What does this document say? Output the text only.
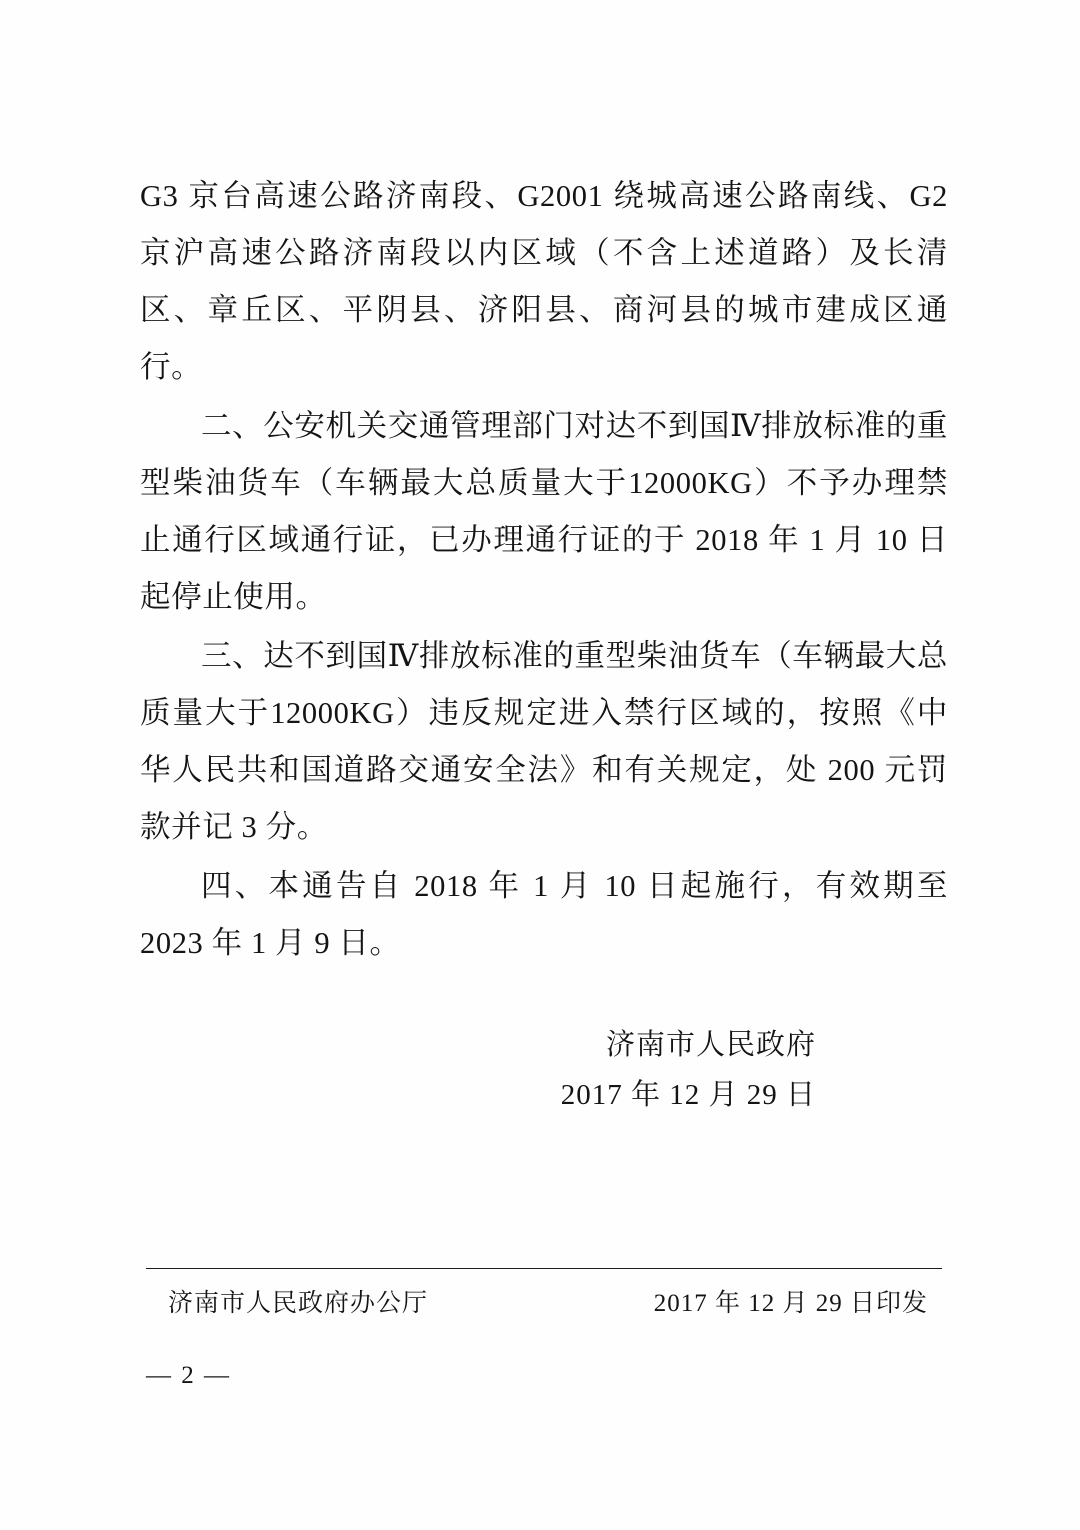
G3 京台高速公路济南段、G2001 绕城高速公路南线、G2 京沪高速公路济南段以内区域（不含上述道路）及长清区、章丘区、平阴县、济阳县、商河县的城市建成区通行。

二、公安机关交通管理部门对达不到国Ⅳ排放标准的重型柴油货车（车辆最大总质量大于12000KG）不予办理禁止通行区域通行证，已办理通行证的于 2018 年 1 月 10 日起停止使用。

三、达不到国Ⅳ排放标准的重型柴油货车（车辆最大总质量大于12000KG）违反规定进入禁行区域的，按照《中华人民共和国道路交通安全法》和有关规定，处 200 元罚款并记 3 分。

四、本通告自 2018 年 1 月 10 日起施行，有效期至 2023 年 1 月 9 日。

济南市人民政府
2017 年 12 月 29 日
济南市人民政府办公厅	2017 年 12 月 29 日印发
— 2 —
